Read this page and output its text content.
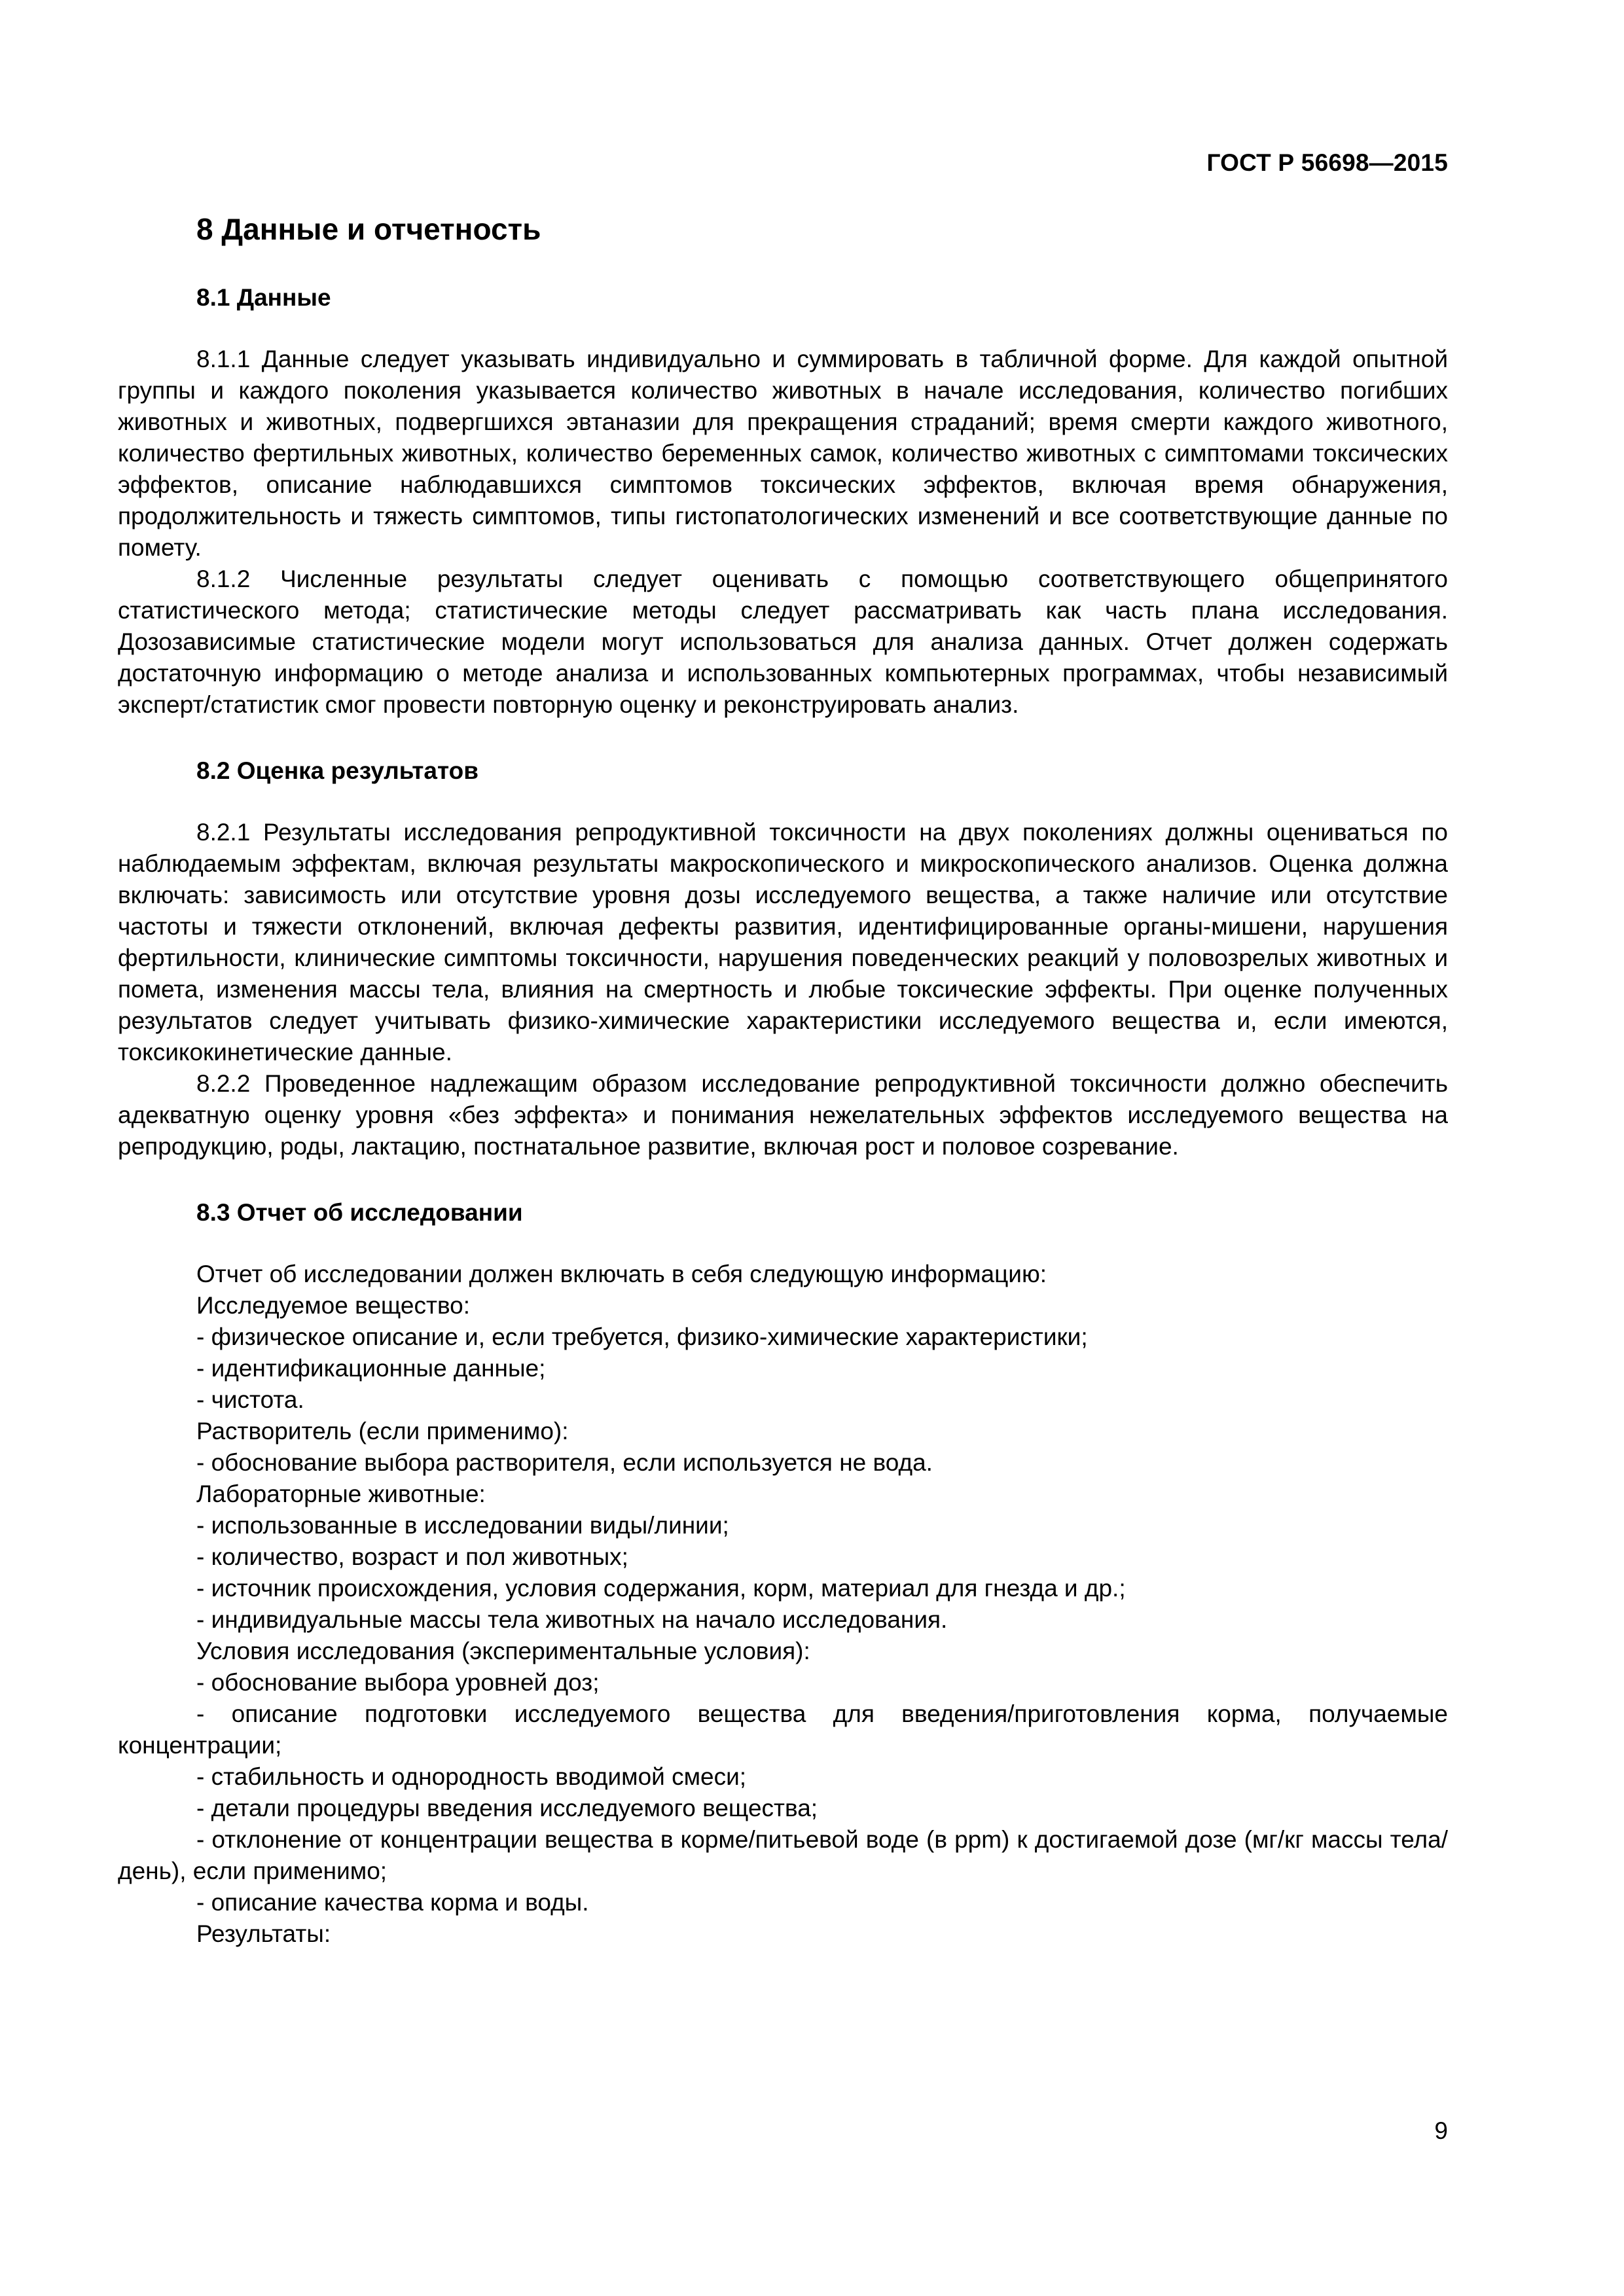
ГОСТ Р 56698—2015
8 Данные и отчетность
8.1 Данные

8.1.1 Данные следует указывать индивидуально и суммировать в табличной форме. Для каждой опытной группы и каждого поколения указывается количество животных в начале исследования, количество погибших животных и животных, подвергшихся эвтаназии для прекращения страданий; время смерти каждого животного, количество фертильных животных, количество беременных самок, количество животных с симптомами токсических эффектов, описание наблюдавшихся симптомов токсических эффектов, включая время обнаружения, продолжительность и тяжесть симптомов, типы гистопатологических изменений и все соответствующие данные по помету.

8.1.2 Численные результаты следует оценивать с помощью соответствующего общепринятого статистического метода; статистические методы следует рассматривать как часть плана исследования. Дозозависимые статистические модели могут использоваться для анализа данных. Отчет должен содержать достаточную информацию о методе анализа и использованных компьютерных программах, чтобы независимый эксперт/статистик смог провести повторную оценку и реконструировать анализ.

8.2 Оценка результатов

8.2.1 Результаты исследования репродуктивной токсичности на двух поколениях должны оцениваться по наблюдаемым эффектам, включая результаты макроскопического и микроскопического анализов. Оценка должна включать: зависимость или отсутствие уровня дозы исследуемого вещества, а также наличие или отсутствие частоты и тяжести отклонений, включая дефекты развития, идентифицированные органы-мишени, нарушения фертильности, клинические симптомы токсичности, нарушения поведенческих реакций у половозрелых животных и помета, изменения массы тела, влияния на смертность и любые токсические эффекты. При оценке полученных результатов следует учитывать физико-химические характеристики исследуемого вещества и, если имеются, токсикокинетические данные.

8.2.2 Проведенное надлежащим образом исследование репродуктивной токсичности должно обеспечить адекватную оценку уровня «без эффекта» и понимания нежелательных эффектов исследуемого вещества на репродукцию, роды, лактацию, постнатальное развитие, включая рост и половое созревание.

8.3 Отчет об исследовании
Отчет об исследовании должен включать в себя следующую информацию:
Исследуемое вещество:
- физическое описание и, если требуется, физико-химические характеристики;
- идентификационные данные;
- чистота.
Растворитель (если применимо):
- обоснование выбора растворителя, если используется не вода.
Лабораторные животные:
- использованные в исследовании виды/линии;
- количество, возраст и пол животных;
- источник происхождения, условия содержания, корм, материал для гнезда и др.;
- индивидуальные массы тела животных на начало исследования.
Условия исследования (экспериментальные условия):
- обоснование выбора уровней доз;
- описание подготовки исследуемого вещества для введения/приготовления корма, получаемые концентрации;
- стабильность и однородность вводимой смеси;
- детали процедуры введения исследуемого вещества;
- отклонение от концентрации вещества в корме/питьевой воде (в ppm) к достигаемой дозе (мг/кг массы тела/день), если применимо;
- описание качества корма и воды.
Результаты:
9
